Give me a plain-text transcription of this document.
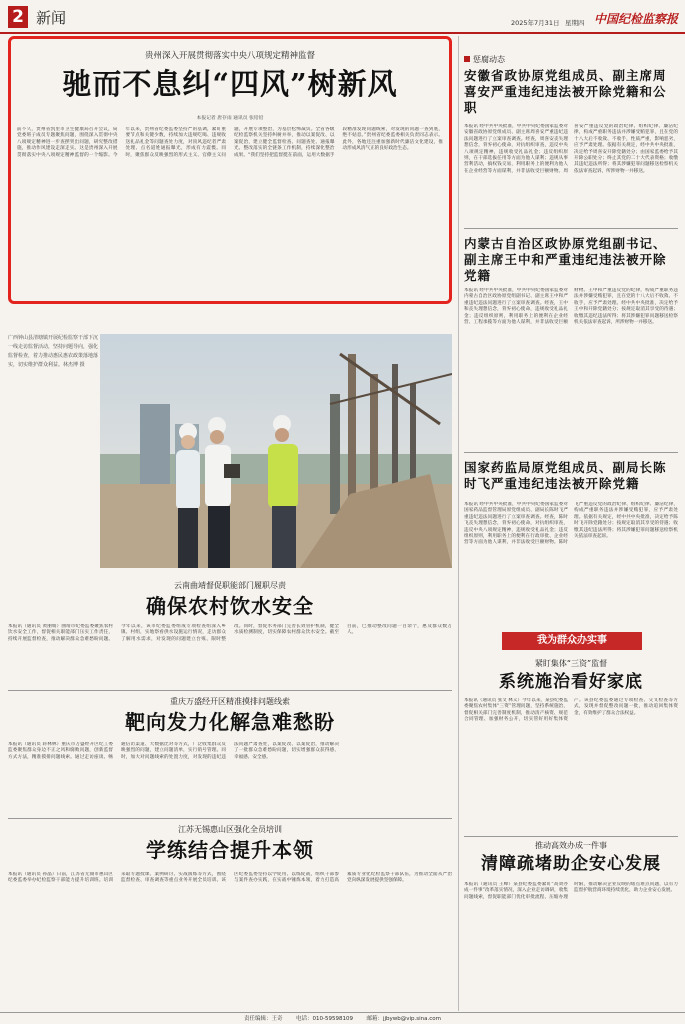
2 新闻	2025年7月31日 星期四 中国纪检监察报
贵州深入开展贯彻落实中央八项规定精神监督
驰而不息纠“四风”树新风
本报记者 唐存雨 通讯员 张铅铅
前不久，贵州省凯里市卫生健康局召开会议，局党委班子成员专题聚焦问题，围绕深入贯彻中央八项规定精神进一步查摆突出问题，研究整改措施，推动作风建设走深走实。这是贵州深入开展贯彻落实中央八项规定精神监督的一个缩影。今年以来，贵州省纪委监委坚持严的基调，紧盯重要节点和关键少数，持续加大违规吃喝、违规收送礼品礼金等问题查处力度，对顶风违纪者严肃处理、点名道姓通报曝光，形成有力震慑。同时，聚焦群众反映强烈的形式主义、官僚主义问题，开展专项整治，为基层松绑减负。全省各级纪检监察机关坚持纠树并举，推动以案促改、以案促治，建立健全监督检查、问题查处、通报曝光、整改落实的全链条工作机制，持续深化整治成果。“我们坚持把监督挺在前面，运用大数据手段精准发现问题线索，对发现的问题一查到底，绝不姑息。”贵州省纪委监委相关负责同志表示。此外，各地还注重加强新时代廉洁文化建设，推动形成风清气正的良好政治生态。
广西钟山县清塘镇开展纪检监察干部下沉一线走访监督活动，坚持问题导向，强化监督检查，着力推动惠民惠农政策落地落实，切实维护群众利益。林杰博 摄
云南曲靖督促职能部门履职尽责
确保农村饮水安全
本报讯（通讯员 黄丽娟）曲靖市纪委监委聚焦农村饮水安全工作，督促相关职能部门压实工作责任，持续开展监督检查，推动解决群众急难愁盼问题。今年以来，该市纪委监委组成专项检查组深入乡镇、村组，实地察看供水设施运行情况，走访群众了解用水需求，对发现的问题建立台账、限时整改。同时，督促水务部门完善长效管护机制，健全水质检测制度，切实保障农村群众饮水安全。截至目前，已推动整改问题一百余个，惠及群众数万人。
重庆万盛经开区精准摸排问题线索
靶向发力化解急难愁盼
本报讯（通讯员 蒋林林）重庆市万盛经开区纪工委监委聚焦群众身边不正之风和腐败问题，创新监督方式方法，精准摸排问题线索。通过走访座谈、畅通信访渠道、大数据比对等方式，广泛收集群众反映强烈的问题，建立问题清单，实行销号管理。同时，加大对问题线索的处置力度，对发现的违纪违法问题严肃查处，以案促改、以案促治，推动解决了一批群众急难愁盼问题，切实增强群众获得感、幸福感、安全感。
江苏无锡惠山区强化全员培训
学练结合提升本领
本报讯（通讯员 孙晶）日前，江苏省无锡市惠山区纪委监委举办纪检监察干部能力提升培训班。培训采取专题授课、案例研讨、实战演练等方式，围绕监督检查、审查调查等重点业务开展全员培训。该区纪委监委坚持以学促用、以练促战，组织干部参与案件查办实践，在实战中锤炼本领，着力打造高素质专业化纪检监察干部队伍，为推动全面从严治党向纵深发展提供坚强保障。
惩腐动态
安徽省政协原党组成员、副主席周喜安严重违纪违法被开除党籍和公职
本报讯 经中共中央批准，中共中央纪委国家监委对安徽省政协原党组成员、副主席周喜安严重违纪违法问题进行了立案审查调查。经查，周喜安丧失理想信念，背弃初心使命，对抗组织审查，违反中央八项规定精神，违规收受礼品礼金；违反组织原则，在干部选拔任用等方面为他人谋利；违规从事营利活动，搞权钱交易，利用职务上的便利为他人在企业经营等方面谋利，并非法收受巨额财物。周喜安严重违反党的政治纪律、组织纪律、廉洁纪律，构成严重职务违法并涉嫌受贿犯罪，且在党的十八大后不收敛、不收手，性质严重，影响恶劣，应予严肃处理。依据有关规定，经中共中央批准，决定给予周喜安开除党籍处分；由国家监委给予其开除公职处分；终止其党的二十大代表资格；收缴其违纪违法所得；将其涉嫌犯罪问题移送检察机关依法审查起诉，所涉财物一并移送。
内蒙古自治区政协原党组副书记、副主席王中和严重违纪违法被开除党籍
本报讯 经中共中央批准，中共中央纪委国家监委对内蒙古自治区政协原党组副书记、副主席王中和严重违纪违法问题进行了立案审查调查。经查，王中和丧失理想信念，背弃初心使命，违规收受礼品礼金；违反组织原则，利用职务上的便利在企业经营、工程承揽等方面为他人谋利，并非法收受巨额财物。王中和严重违反党的纪律，构成严重职务违法并涉嫌受贿犯罪，且在党的十八大后不收敛、不收手，应予严肃处理。经中共中央批准，决定给予王中和开除党籍处分；按规定取消其享受的待遇；收缴其违纪违法所得；将其涉嫌犯罪问题移送检察机关依法审查起诉，所涉财物一并移送。
国家药监局原党组成员、副局长陈时飞严重违纪违法被开除党籍
本报讯 经中共中央批准，中共中央纪委国家监委对国家药品监督管理局原党组成员、副局长陈时飞严重违纪违法问题进行了立案审查调查。经查，陈时飞丧失理想信念，背弃初心使命，对抗组织审查，违反中央八项规定精神，违规收受礼品礼金；违反组织原则，利用职务上的便利在行政审批、企业经营等方面为他人谋利，并非法收受巨额财物。陈时飞严重违反党的政治纪律、组织纪律、廉洁纪律，构成严重职务违法并涉嫌受贿犯罪，应予严肃处理。依据有关规定，经中共中央批准，决定给予陈时飞开除党籍处分；按规定取消其享受的待遇；收缴其违纪违法所得；将其涉嫌犯罪问题移送检察机关依法审查起诉。
我为群众办实事
紧盯集体“三资”监督
系统施治看好家底
本报讯（通讯员 张文 林义）今年以来，某县纪委监委聚焦农村集体“三资”管理问题，坚持系统施治，督促相关部门完善制度机制，推动清产核资、规范合同管理、加强财务公开，切实管好用好集体资产。该县纪委监委通过专项检查、交叉检查等方式，发现并督促整改问题一批，推动追回集体资金，有效维护了群众合法权益。
推动高效办成一件事
清障疏堵助企安心发展
本报讯（通讯员 王峰）某县纪委监委紧盯“高效办成一件事”改革落实情况，深入企业走访调研，收集问题线索，督促职能部门优化审批流程、压缩办理时限，推动解决企业反映的堵点难点问题，以有力监督护航营商环境持续优化，助力企业安心发展。
责任编辑：王奇 电话：010-59598109 邮箱：jjbywb@vip.sina.com
